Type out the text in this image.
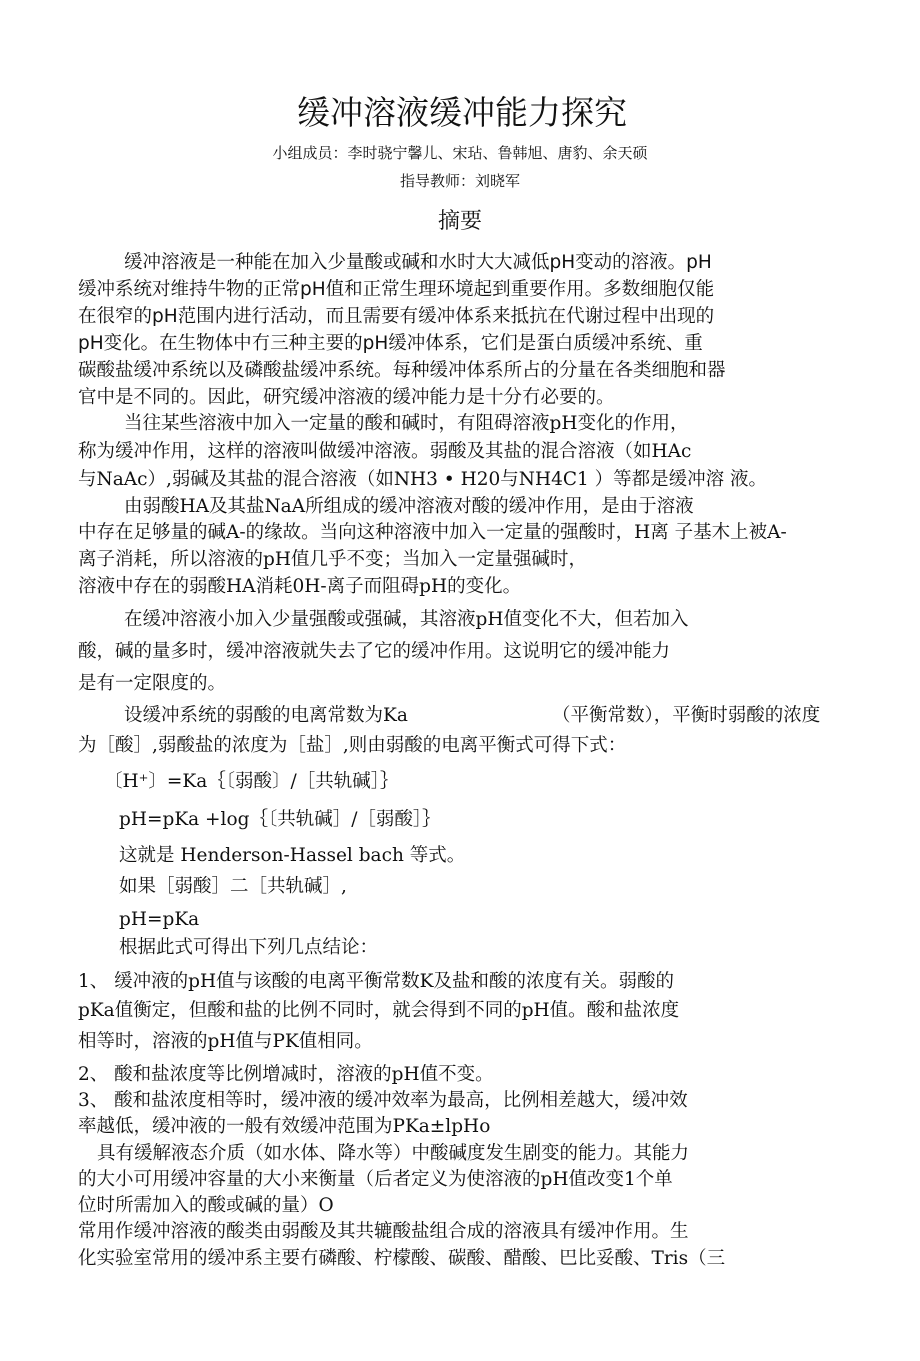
缓冲溶液缓冲能力探究
小组成员：李时骁宁馨儿、宋玷、鲁韩旭、唐豹、余天硕
指导教师：刘晓军
摘要
缓冲溶液是一种能在加入少量酸或碱和水时大大减低pH变动的溶液。pH
缓冲系统对维持牛物的正常pH值和正常生理环境起到重要作用。多数细胞仅能
在很窄的pH范围内进行活动，而且需要有缓冲体系来抵抗在代谢过程中出现的
pH变化。在生物体中冇三种主要的pH缓冲体系，它们是蛋白质缓冲系统、重
碳酸盐缓冲系统以及磷酸盐缓冲系统。每种缓冲体系所占的分量在各类细胞和器
官中是不同的。因此，研究缓冲溶液的缓冲能力是十分冇必要的。
当往某些溶液中加入一定量的酸和碱时，有阻碍溶液pH变化的作用，
称为缓冲作用，这样的溶液叫做缓冲溶液。弱酸及其盐的混合溶液（如HAc
与NaAc）,弱碱及其盐的混合溶液（如NH3 • H20与NH4C1 ）等都是缓冲溶 液。
由弱酸HA及其盐NaA所组成的缓冲溶液对酸的缓冲作用，是由于溶液
中存在足够量的碱A-的缘故。当向这种溶液中加入一定量的强酸时，H离 子基木上被A-
离子消耗，所以溶液的pH值几乎不变；当加入一定量强碱时，
溶液中存在的弱酸HA消耗0H-离子而阻碍pH的变化。
在缓冲溶液小加入少量强酸或强碱，其溶液pH值变化不大，但若加入
酸，碱的量多时，缓冲溶液就失去了它的缓冲作用。这说明它的缓冲能力
是有一定限度的。
设缓冲系统的弱酸的电离常数为Ka	（平衡常数），平衡时弱酸的浓度
为［酸］,弱酸盐的浓度为［盐］,则由弱酸的电离平衡式可得下式：
〔H⁺〕=Ka｛〔弱酸〕/［共轨碱］｝
pH=pKa +log｛〔共轨碱］/［弱酸］｝
这就是 Henderson-Hassel bach 等式。
如果［弱酸］二［共轨碱］,
pH=pKa
根据此式可得出下列几点结论：
1、 缓冲液的pH值与该酸的电离平衡常数K及盐和酸的浓度有关。弱酸的
pKa值衡定，但酸和盐的比例不同时，就会得到不同的pH值。酸和盐浓度
相等时，溶液的pH值与PK值相同。
2、 酸和盐浓度等比例增减时，溶液的pH值不变。
3、 酸和盐浓度相等时，缓冲液的缓冲效率为最高，比例相差越大，缓冲效
率越低，缓冲液的一般有效缓冲范围为PKa±lpHo
具有缓解液态介质（如水体、降水等）中酸碱度发生剧变的能力。其能力
的大小可用缓冲容量的大小来衡量（后者定义为使溶液的pH值改变1个单
位时所需加入的酸或碱的量）O
常用作缓冲溶液的酸类由弱酸及其共辘酸盐组合成的溶液具有缓冲作用。生
化实验室常用的缓冲系主要冇磷酸、柠檬酸、碳酸、醋酸、巴比妥酸、Tris（三
